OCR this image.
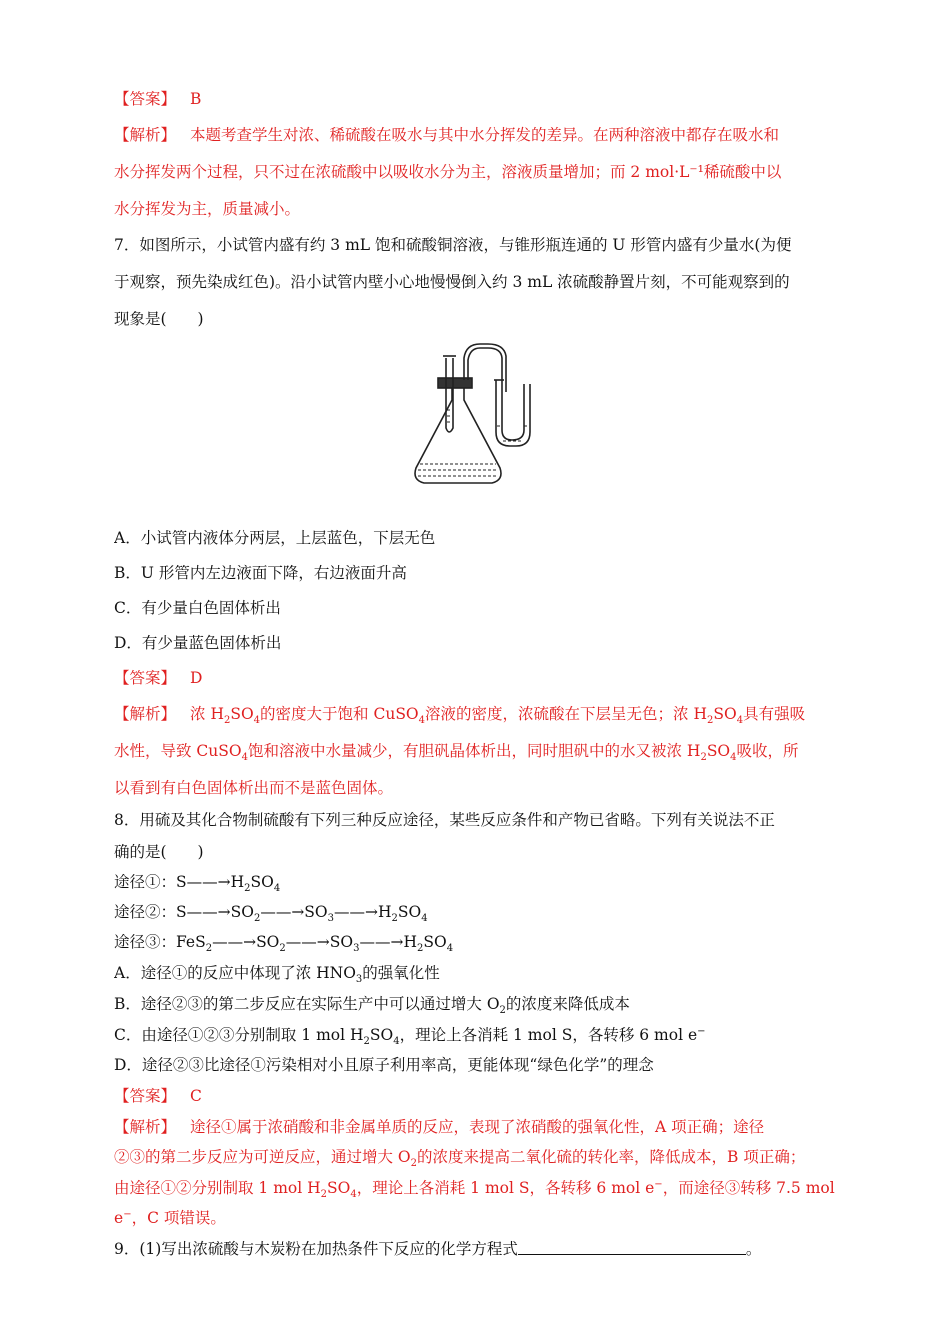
【答案】 B
【解析】 本题考查学生对浓、稀硫酸在吸水与其中水分挥发的差异。在两种溶液中都存在吸水和
水分挥发两个过程，只不过在浓硫酸中以吸收水分为主，溶液质量增加；而 2 mol·L⁻¹稀硫酸中以
水分挥发为主，质量减小。
7．如图所示，小试管内盛有约 3 mL 饱和硫酸铜溶液，与锥形瓶连通的 U 形管内盛有少量水(为便
于观察，预先染成红色)。沿小试管内壁小心地慢慢倒入约 3 mL 浓硫酸静置片刻，不可能观察到的
现象是(　　)
A．小试管内液体分两层，上层蓝色，下层无色
B．U 形管内左边液面下降，右边液面升高
C．有少量白色固体析出
D．有少量蓝色固体析出
【答案】 D
【解析】 浓 $H_2SO_4$的密度大于饱和 CuSO$_4$溶液的密度，浓硫酸在下层呈无色；浓 $H_2SO_4$具有强吸
水性，导致 CuSO$_4$饱和溶液中水量减少，有胆矾晶体析出，同时胆矾中的水又被浓 $H_2SO_4$吸收，所
以看到有白色固体析出而不是蓝色固体。
8．用硫及其化合物制硫酸有下列三种反应途径，某些反应条件和产物已省略。下列有关说法不正
确的是(　　)
途径①：$S——\to H_2SO_4$
途径②：$S——\to SO_2——\to SO_3——\to H_2SO_4$
途径③：$FeS_2——\to SO_2——\to SO_3——\to H_2SO_4$
A．途径①的反应中体现了浓 $HNO_3$的强氧化性
B．途径②③的第二步反应在实际生产中可以通过增大 $O_2$的浓度来降低成本
C．由途径①②③分别制取 1 mol $H_2SO_4$，理论上各消耗 1 mol S，各转移 6 mol e−
D．途径②③比途径①污染相对小且原子利用率高，更能体现“绿色化学”的理念
【答案】 C
【解析】 途径①属于浓硝酸和非金属单质的反应，表现了浓硝酸的强氧化性，A 项正确；途径
②③的第二步反应为可逆反应，通过增大 $O_2$的浓度来提高二氧化硫的转化率，降低成本，B 项正确；
由途径①②分别制取 1 mol $H_2SO_4$，理论上各消耗 1 mol S，各转移 6 mol e−，而途径③转移 7.5 mol
e−，C 项错误。
9．(1)写出浓硫酸与木炭粉在加热条件下反应的化学方程式	。
